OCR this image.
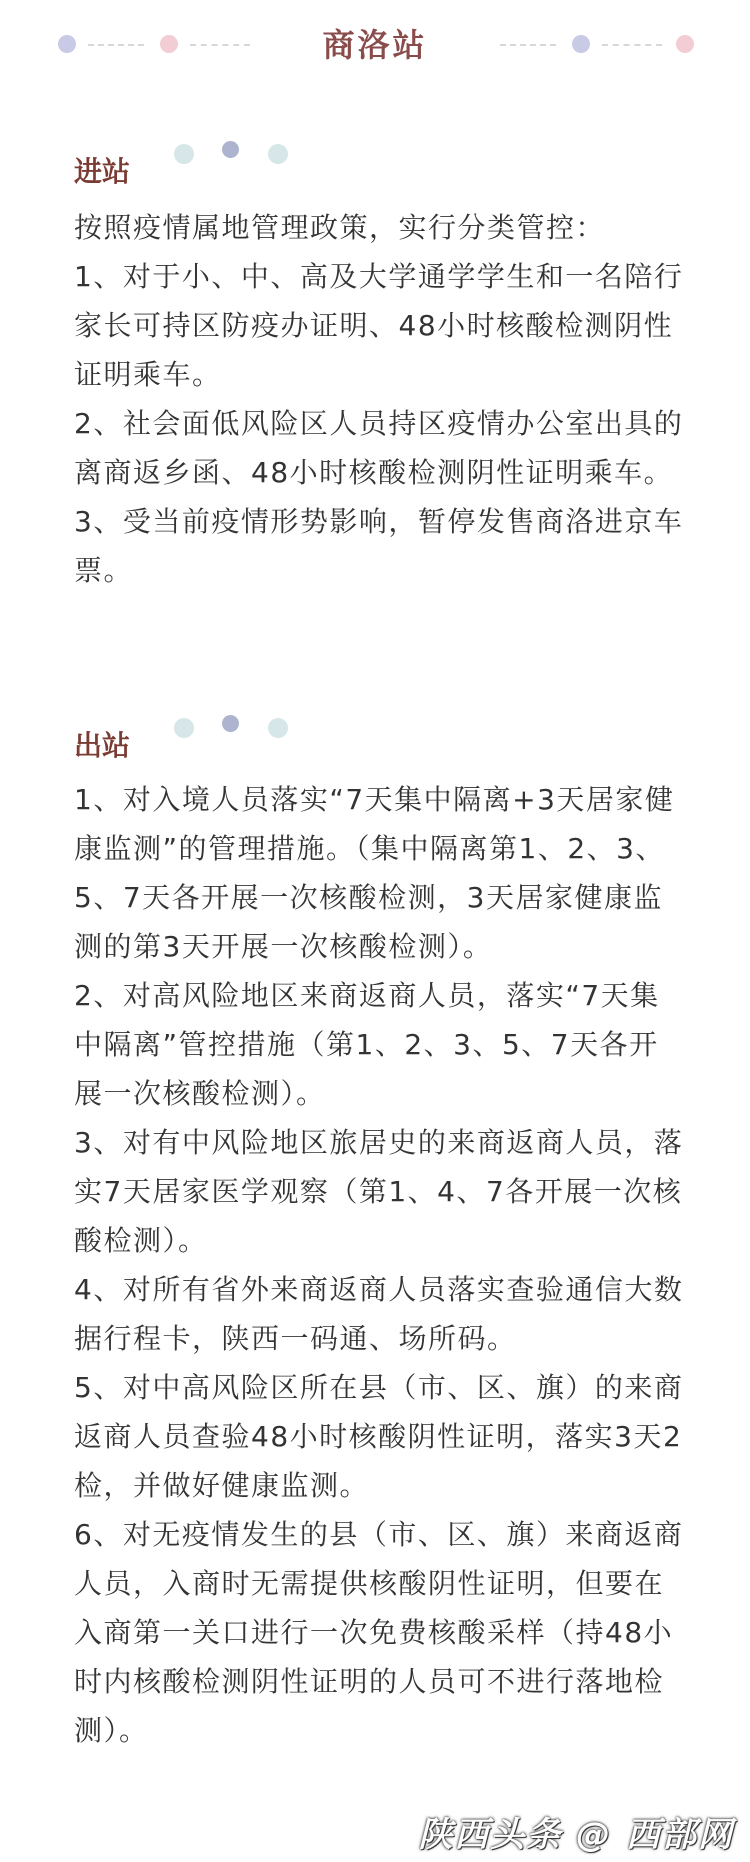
商洛站
进站

按照疫情属地管理政策，实行分类管控：

1、对于小、中、高及大学通学学生和一名陪行家长可持区防疫办证明、48小时核酸检测阴性证明乘车。

2、社会面低风险区人员持区疫情办公室出具的离商返乡函、48小时核酸检测阴性证明乘车。

3、受当前疫情形势影响，暂停发售商洛进京车票。

出站

1、对入境人员落实“7天集中隔离+3天居家健康监测”的管理措施。（集中隔离第1、2、3、5、7天各开展一次核酸检测，3天居家健康监测的第3天开展一次核酸检测）。

2、对高风险地区来商返商人员，落实“7天集中隔离”管控措施（第1、2、3、5、7天各开展一次核酸检测）。

3、对有中风险地区旅居史的来商返商人员，落实7天居家医学观察（第1、4、7各开展一次核酸检测）。

4、对所有省外来商返商人员落实查验通信大数据行程卡，陕西一码通、场所码。

5、对中高风险区所在县（市、区、旗）的来商返商人员查验48小时核酸阴性证明，落实3天2检，并做好健康监测。

6、对无疫情发生的县（市、区、旗）来商返商人员，入商时无需提供核酸阴性证明，但要在入商第一关口进行一次免费核酸采样（持48小时内核酸检测阴性证明的人员可不进行落地检测）。

陕西头条 @ 西部网
